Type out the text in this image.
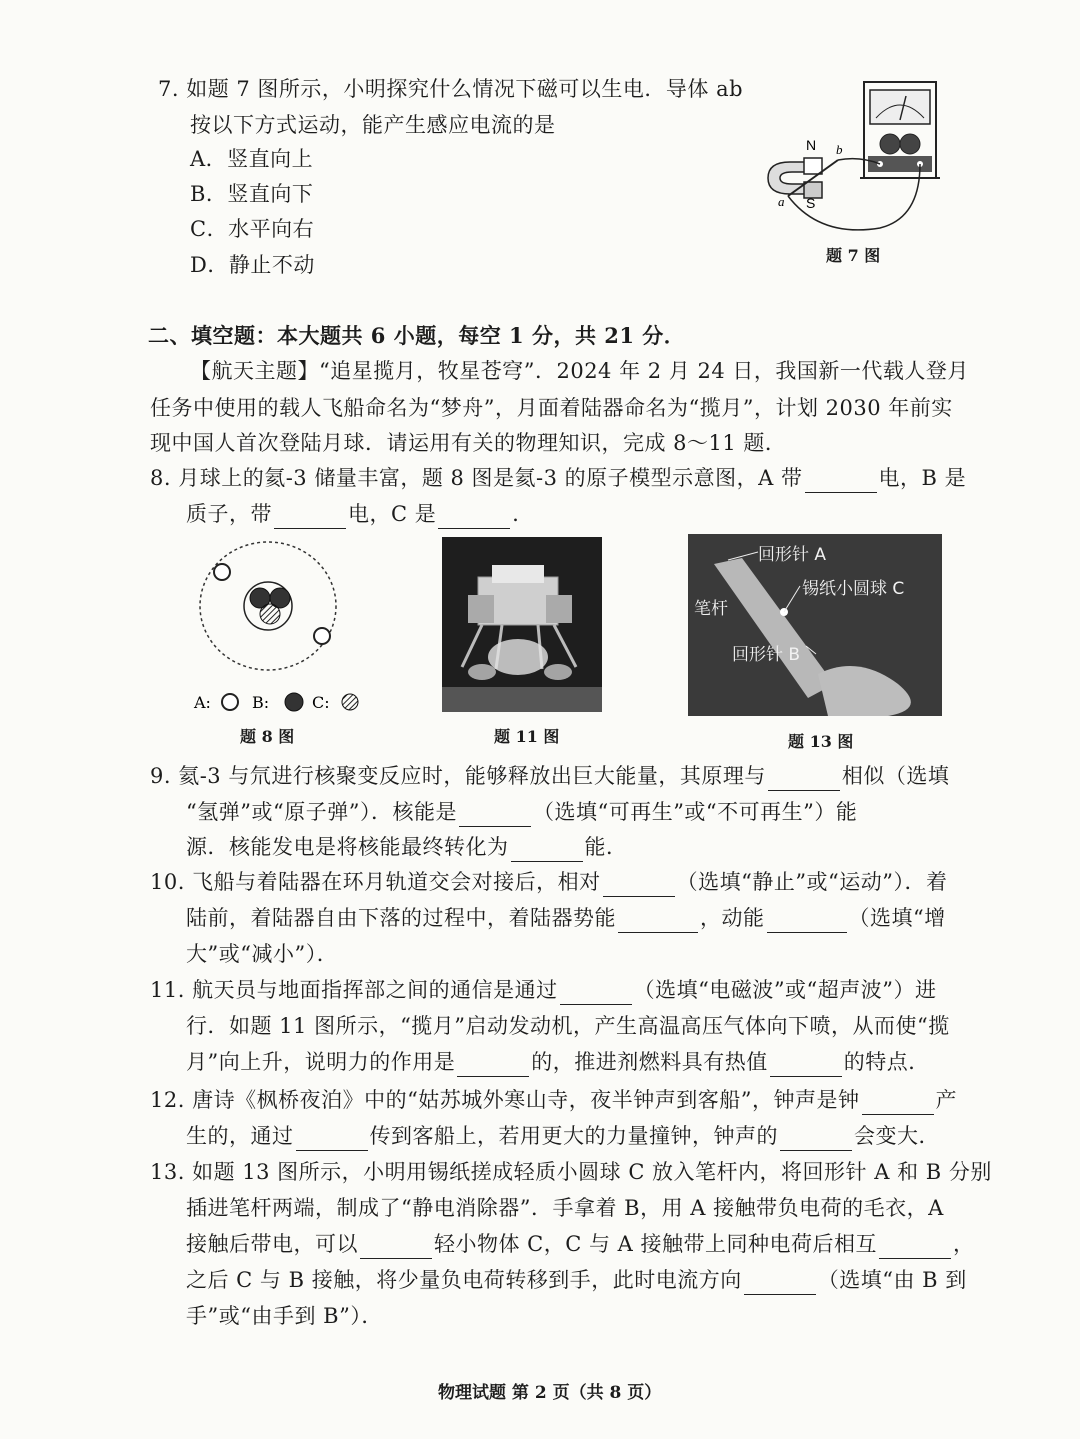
7. 如题 7 图所示，小明探究什么情况下磁可以生电．导体 ab
按以下方式运动，能产生感应电流的是
A．竖直向上
B．竖直向下
C．水平向右
D．静止不动
N
S
a
b
题 7 图
二、填空题：本大题共 6 小题，每空 1 分，共 21 分．
【航天主题】“追星揽月，牧星苍穹”．2024 年 2 月 24 日，我国新一代载人登月
任务中使用的载人飞船命名为“梦舟”，月面着陆器命名为“揽月”，计划 2030 年前实
现中国人首次登陆月球．请运用有关的物理知识，完成 8～11 题．
8. 月球上的氦-3 储量丰富，题 8 图是氦-3 的原子模型示意图，A 带	电，B 是
质子，带	电，C 是	．
A:	B:	C:
题 8 图	题 11 图
回形针 A
锡纸小圆球 C
笔杆
回形针 B
题 13 图
9. 氦-3 与氘进行核聚变反应时，能够释放出巨大能量，其原理与	相似（选填
“氢弹”或“原子弹”）．核能是	（选填“可再生”或“不可再生”）能
源．核能发电是将核能最终转化为	能．
10. 飞船与着陆器在环月轨道交会对接后，相对	（选填“静止”或“运动”）．着
陆前，着陆器自由下落的过程中，着陆器势能	，动能	（选填“增
大”或“减小”）．
11. 航天员与地面指挥部之间的通信是通过	（选填“电磁波”或“超声波”）进
行．如题 11 图所示，“揽月”启动发动机，产生高温高压气体向下喷，从而使“揽
月”向上升，说明力的作用是	的，推进剂燃料具有热值	的特点．
12. 唐诗《枫桥夜泊》中的“姑苏城外寒山寺，夜半钟声到客船”，钟声是钟	产
生的，通过	传到客船上，若用更大的力量撞钟，钟声的	会变大．
13. 如题 13 图所示，小明用锡纸搓成轻质小圆球 C 放入笔杆内，将回形针 A 和 B 分别
插进笔杆两端，制成了“静电消除器”．手拿着 B，用 A 接触带负电荷的毛衣，A
接触后带电，可以	轻小物体 C，C 与 A 接触带上同种电荷后相互	，
之后 C 与 B 接触，将少量负电荷转移到手，此时电流方向	（选填“由 B 到
手”或“由手到 B”）．
物理试题 第 2 页（共 8 页）
